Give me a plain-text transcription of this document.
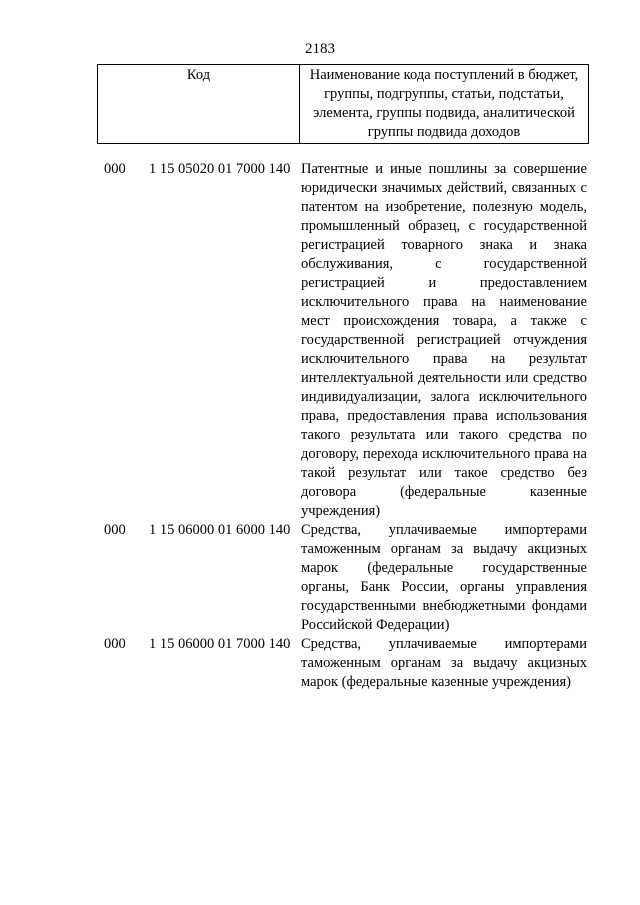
2183
Код	Наименование кода поступлений в бюджет, группы, подгруппы, статьи, подстатьи, элемента, группы подвида, аналитической группы подвида доходов
000	1 15 05020 01 7000 140	Патентные и иные пошлины за совершение юридически значимых действий, связанных с патентом на изобретение, полезную модель, промышленный образец, с государственной регистрацией товарного знака и знака обслуживания, с государственной регистрацией и предоставлением исключительного права на наименование мест происхождения товара, а также с государственной регистрацией отчуждения исключительного права на результат интеллектуальной деятельности или средство индивидуализации, залога исключительного права, предоставления права использования такого результата или такого средства по договору, перехода исключительного права на такой результат или такое средство без договора (федеральные казенные учреждения)
000	1 15 06000 01 6000 140	Средства, уплачиваемые импортерами таможенным органам за выдачу акцизных марок (федеральные государственные органы, Банк России, органы управления государственными внебюджетными фондами Российской Федерации)
000	1 15 06000 01 7000 140	Средства, уплачиваемые импортерами таможенным органам за выдачу акцизных марок (федеральные казенные учреждения)
